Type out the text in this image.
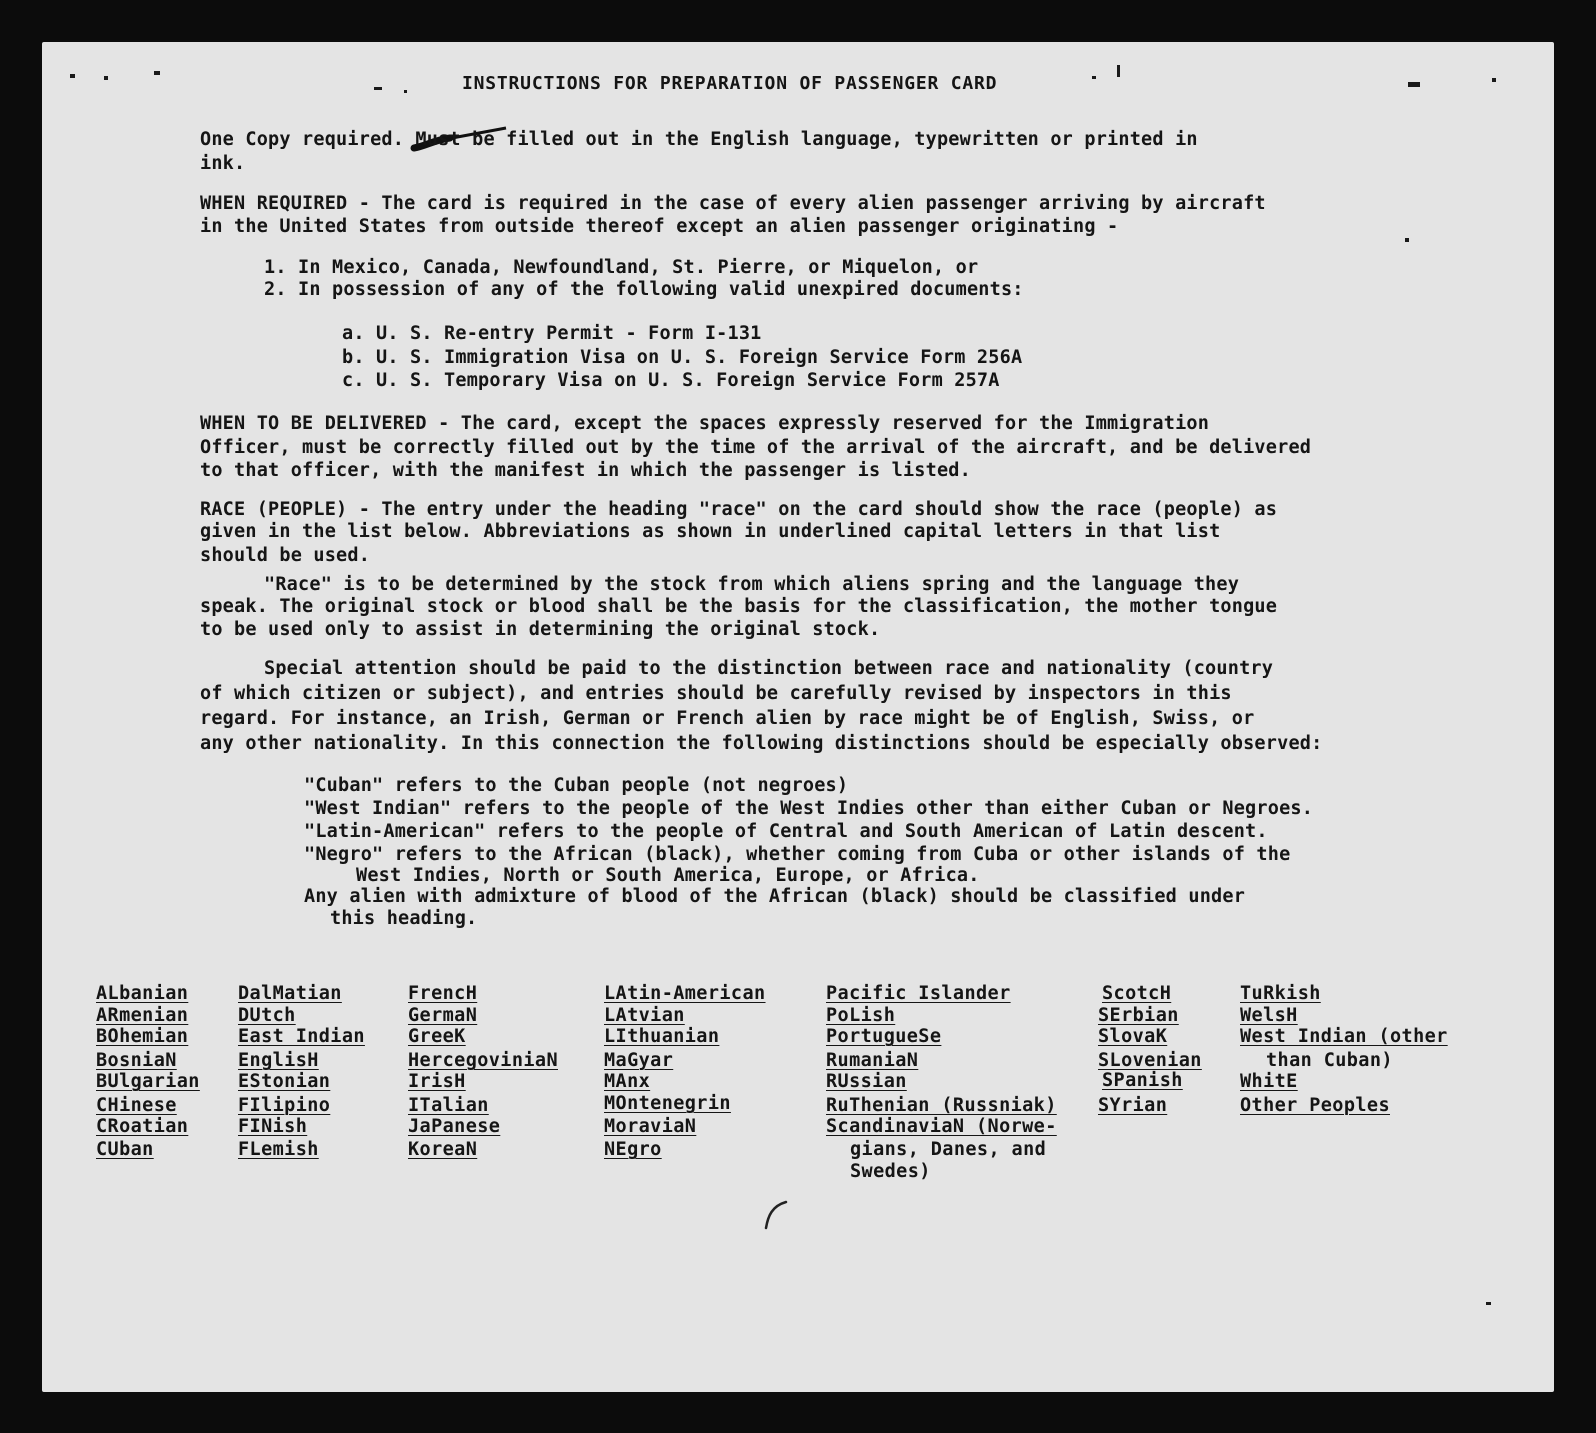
INSTRUCTIONS FOR PREPARATION OF PASSENGER CARD
One Copy required. Must be filled out in the English language, typewritten or printed in
ink.
WHEN REQUIRED - The card is required in the case of every alien passenger arriving by aircraft
in the United States from outside thereof except an alien passenger originating -
1. In Mexico, Canada, Newfoundland, St. Pierre, or Miquelon, or
2. In possession of any of the following valid unexpired documents:
a. U. S. Re-entry Permit - Form I-131
b. U. S. Immigration Visa on U. S. Foreign Service Form 256A
c. U. S. Temporary Visa on U. S. Foreign Service Form 257A
WHEN TO BE DELIVERED - The card, except the spaces expressly reserved for the Immigration
Officer, must be correctly filled out by the time of the arrival of the aircraft, and be delivered
to that officer, with the manifest in which the passenger is listed.
RACE (PEOPLE) - The entry under the heading "race" on the card should show the race (people) as
given in the list below. Abbreviations as shown in underlined capital letters in that list
should be used.
"Race" is to be determined by the stock from which aliens spring and the language they
speak. The original stock or blood shall be the basis for the classification, the mother tongue
to be used only to assist in determining the original stock.
Special attention should be paid to the distinction between race and nationality (country
of which citizen or subject), and entries should be carefully revised by inspectors in this
regard. For instance, an Irish, German or French alien by race might be of English, Swiss, or
any other nationality. In this connection the following distinctions should be especially observed:
"Cuban" refers to the Cuban people (not negroes)
"West Indian" refers to the people of the West Indies other than either Cuban or Negroes.
"Latin-American" refers to the people of Central and South American of Latin descent.
"Negro" refers to the African (black), whether coming from Cuba or other islands of the
West Indies, North or South America, Europe, or Africa.
Any alien with admixture of blood of the African (black) should be classified under
this heading.
ALbanian
ARmenian
BOhemian
BosniaN
BUlgarian
CHinese
CRoatian
CUban
DalMatian
DUtch
East Indian
EnglisH
EStonian
FIlipino
FINish
FLemish
FrencH
GermaN
GreeK
HercegoviniaN
IrisH
ITalian
JaPanese
KoreaN
LAtin-American
LAtvian
LIthuanian
MaGyar
MAnx
MOntenegrin
MoraviaN
NEgro
Pacific Islander
PoLish
PortugueSe
RumaniaN
RUssian
RuThenian (Russniak)
ScandinaviaN (Norwe-
gians, Danes, and
Swedes)
ScotcH
SErbian
SlovaK
SLovenian
SPanish
SYrian
TuRkish
WelsH
West Indian (other
than Cuban)
WhitE
Other Peoples
